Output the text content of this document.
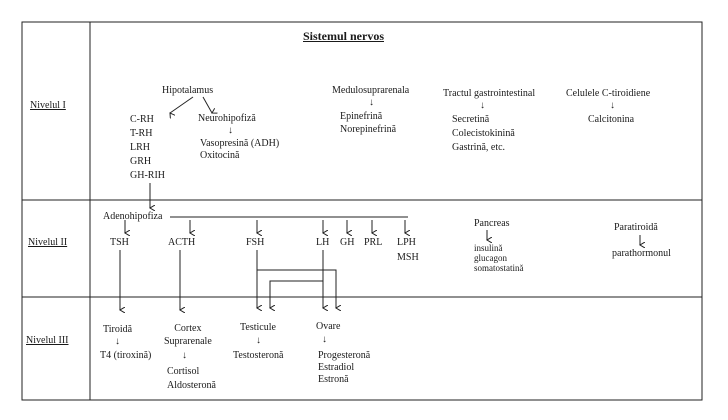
Sistemul nervos
Nivelul I
Nivelul II
Nivelul III
Hipotalamus
C-RH
T-RH
LRH
GRH
GH-RIH
Neurohipofiză
↓
Vasopresină (ADH)
Oxitocină
Medulosuprarenala
↓
Epinefrină
Norepinefrină
Tractul gastrointestinal
↓
Secretină
Colecistokinină
Gastrină, etc.
Celulele C-tiroidiene
↓
Calcitonina
Adenohipofiza
TSH	ACTH	FSH	LH GH PRL LPH
MSH
Pancreas
insulină
glucagon
somatostatină
Paratiroidă
parathormonul
Tiroidă
↓
T4 (tiroxină)
Cortex
Suprarenale
↓
Cortisol
Aldosteronă
Testicule
↓
Testosteronă
Ovare
↓
Progesteronă
Estradiol
Estronă
